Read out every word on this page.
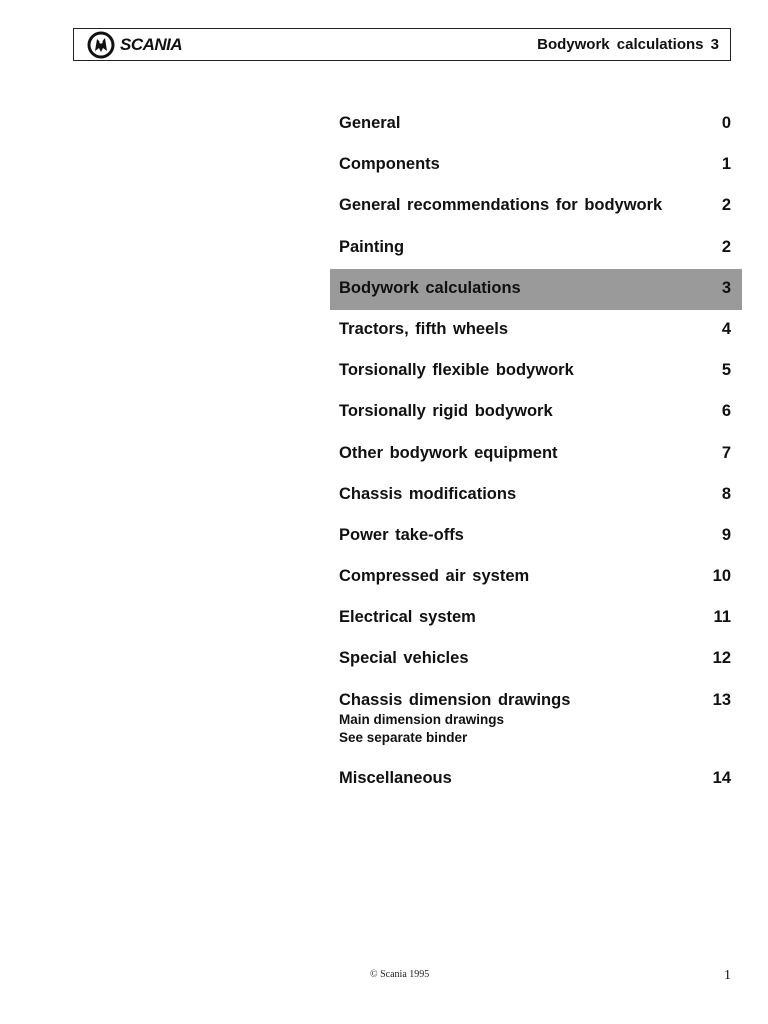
SCANIA	Bodywork calculations 3
General	0
Components	1
General recommendations for bodywork	2
Painting	2
Bodywork calculations	3
Tractors, fifth wheels	4
Torsionally flexible bodywork	5
Torsionally rigid bodywork	6
Other bodywork equipment	7
Chassis modifications	8
Power take-offs	9
Compressed air system	10
Electrical system	11
Special vehicles	12
Chassis dimension drawings	13
Main dimension drawings
See separate binder
Miscellaneous	14
© Scania 1995	1
